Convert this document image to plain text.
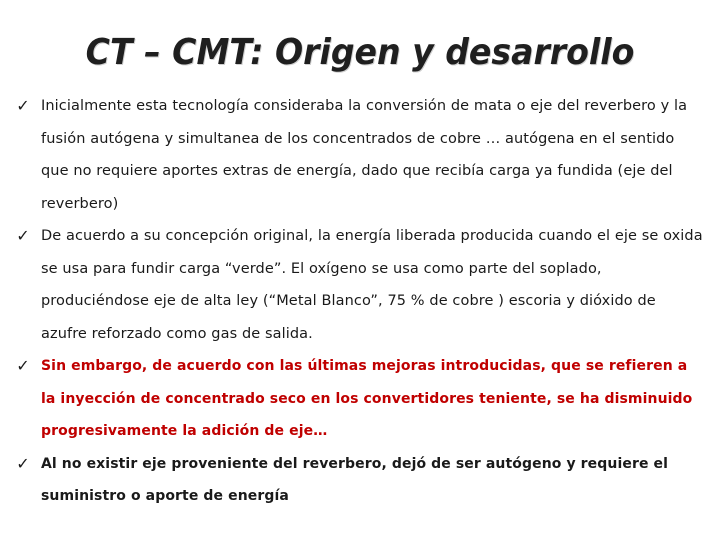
CT – CMT: Origen y desarrollo
✓ Inicialmente esta tecnología consideraba la conversión de mata o eje del reverbero y la fusión autógena y simultanea de los concentrados de cobre … autógena en el sentido que no requiere aportes extras de energía, dado que recibía carga ya fundida (eje del reverbero)
✓ De acuerdo a su concepción original, la energía liberada producida cuando el eje se oxida se usa para fundir carga “verde”. El oxígeno se usa como parte del soplado, produciéndose eje de alta ley (“Metal Blanco”, 75 % de cobre ) escoria y dióxido de azufre reforzado como gas de salida.
✓ Sin embargo, de acuerdo con las últimas mejoras introducidas, que se refieren a la inyección de concentrado seco en los convertidores teniente, se ha disminuido progresivamente la adición de eje…
✓ Al no existir eje proveniente del reverbero, dejó de ser autógeno y requiere el suministro o aporte de energía
